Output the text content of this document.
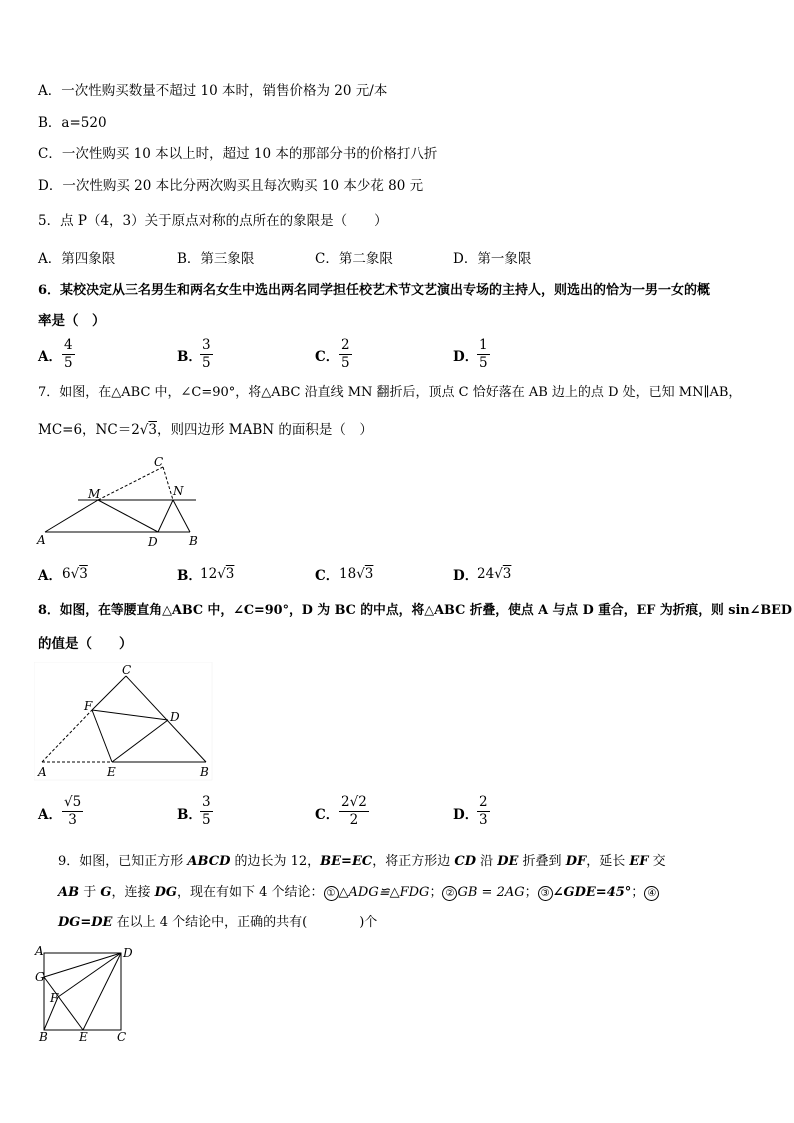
A．一次性购买数量不超过 10 本时，销售价格为 20 元/本
B．a=520
C．一次性购买 10 本以上时，超过 10 本的那部分书的价格打八折
D．一次性购买 20 本比分两次购买且每次购买 10 本少花 80 元
5．点 P（4，3）关于原点对称的点所在的象限是（　　）
A．第四象限	B．第三象限	C．第二象限	D．第一象限
6．某校决定从三名男生和两名女生中选出两名同学担任校艺术节文艺演出专场的主持人，则选出的恰为一男一女的概
率是（　）
A． $\frac{4}{5}$	B．
$\frac{3}{5}$	C． $\frac{2}{5}$	D．
$\frac{1}{5}$
7．如图，在△ABC 中，∠C=90°，将△ABC 沿直线 MN 翻折后，顶点 C 恰好落在 AB 边上的点 D 处，已知 MN∥AB，
MC=6，NC＝2√3，则四边形 MABN 的面积是（　）
C
M	N
A	D	B
A． 6√3	B．
12√3	C． 18√3	D．
24√3
8．如图，在等腰直角△ABC 中，∠C=90°，D 为 BC 的中点，将△ABC 折叠，使点 A 与点 D 重合，EF 为折痕，则 sin∠BED
的值是（　　）
C
F
D
A	E	B
A． $\frac{√5}{3}$	B．
$\frac{3}{5}$	C． $\frac{2√2}{2}$	D．
$\frac{2}{3}$
9．如图，已知正方形 ABCD 的边长为 12，BE=EC，将正方形边 CD 沿 DE 折叠到 DF，延长 EF 交
AB 于 G，连接 DG，现在有如下 4 个结论： ① △ADG≌△FDG； ② GB = 2AG； ③ ∠GDE=45°； ④
DG=DE 在以上 4 个结论中，正确的共有(　　　　)个
A	D
G
F
B	E C
